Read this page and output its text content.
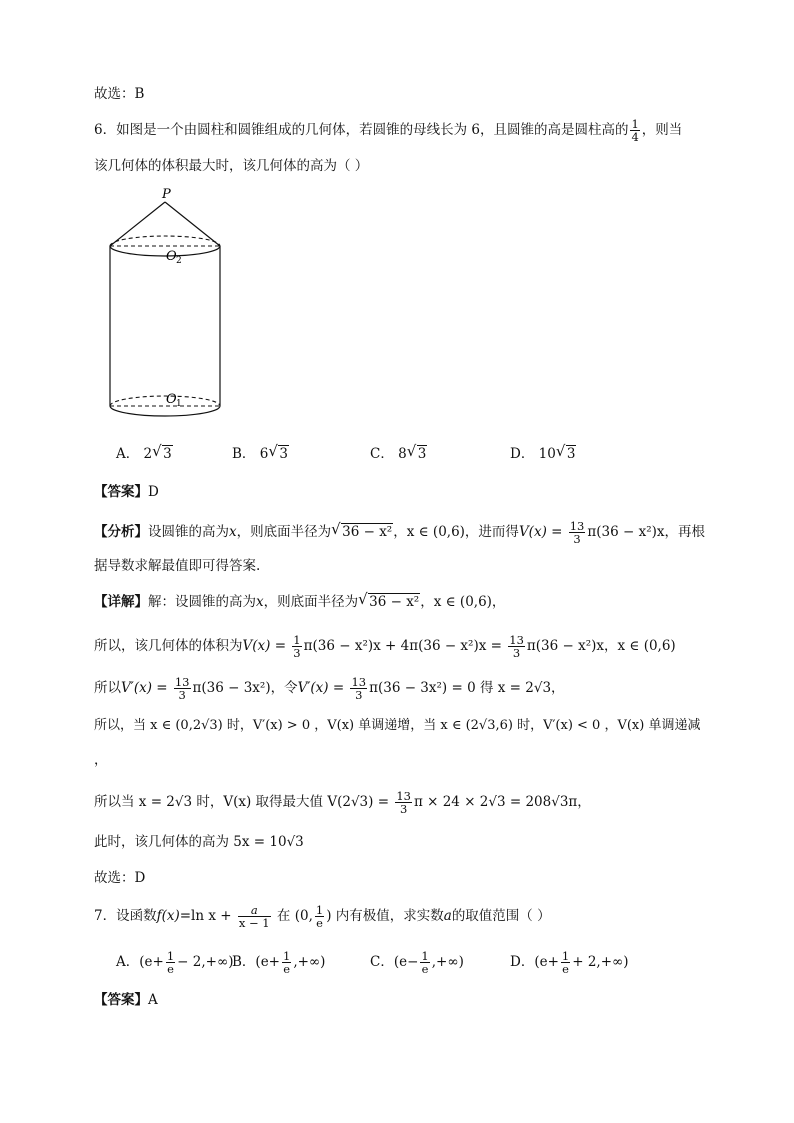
故选：B
6．如图是一个由圆柱和圆锥组成的几何体，若圆锥的母线长为 6，且圆锥的高是圆柱高的 $\frac{1}{4}$ ，则当
该几何体的体积最大时，该几何体的高为（ ）
P
O 2
O 1
A． 2 √ 3	B． 6 √ 3	C． 8 √ 3	D． 10 √ 3
【答案】D
【分析】设圆锥的高为x，则底面半径为 √ 36 − x²，x ∈ (0,6)，进而得$V(x) = \frac{13}{3} \pi(36 - x^2)x$，再根
据导数求解最值即可得答案.
【详解】解：设圆锥的高为x，则底面半径为 √ 36 − x²，x ∈ (0,6)，
所以，该几何体的体积为$V(x) = \frac{1}{3} \pi(36 - x^2)x + 4\pi(36 - x^2)x = \frac{13}{3} \pi(36 - x^2)x$，x ∈ (0,6)
所以$V'(x) = \frac{13}{3} \pi(36 - 3x^2)$，令$V'(x) = \frac{13}{3} \pi(36 - 3x^2) = 0$ 得 x = 2√3，
所以，当 x ∈ (0,2√3) 时，V′(x) > 0 ，V(x) 单调递增，当 x ∈ (2√3,6) 时，V′(x) < 0 ，V(x) 单调递减
，
所以当 x = 2√3 时，V(x) 取得最大值 $V(2√3) = \frac{13}{3}$ π × 24 × 2√3 = 208√3π，
此时，该几何体的高为 5x = 10√3
故选：D
7．设函数f(x)=ln $x + \frac{a}{x - 1}$ 在 (0, $\frac{1}{e}$ ) 内有极值，求实数a的取值范围（ ）
A．$(e+ \frac{1}{e} - 2,+\infty)$
B．($e+ \frac{1}{e}$ ,+∞)	C．($e- \frac{1}{e}$ ,+∞)	D．$(e+ \frac{1}{e} + 2,+\infty)$
【答案】A
